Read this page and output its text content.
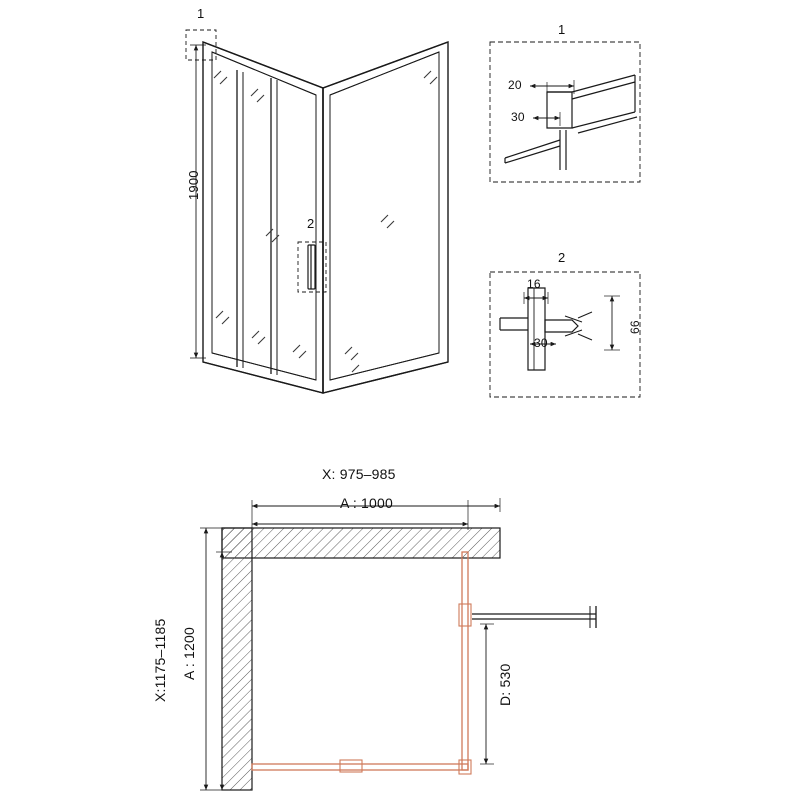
1
2
1900
1
20
30
2
16
66
30
X: 975–985
A : 1000
X:1175–1185 A : 1200
D: 530
